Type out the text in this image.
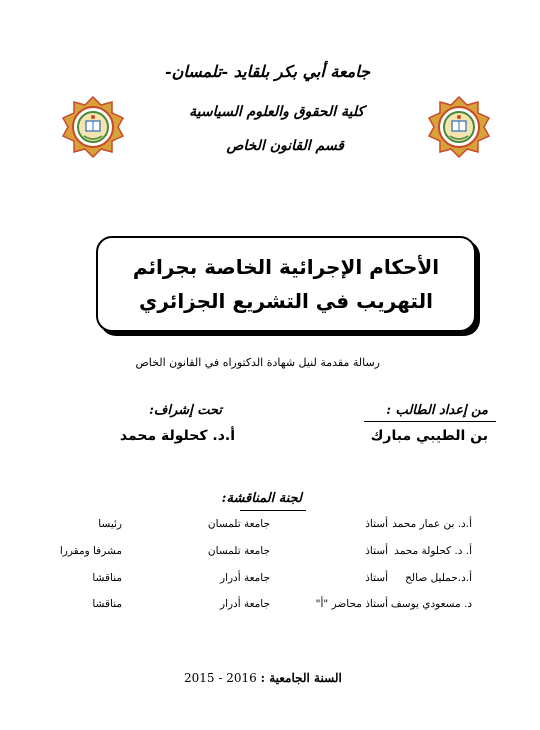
جامعة أبي بكر بلقايد -تلمسان-
كلية الحقوق والعلوم السياسية
قسم القانون الخاص
الأحكام الإجرائية الخاصة بجرائم
التهريب في التشريع الجزائري
رسالة مقدمة لنيل شهادة الدكتوراه في القانون الخاص
من إعداد الطالب :
بن الطيبي مبارك
تحت إشراف:
أ.د. كحلولة محمد
لجنة المناقشة:
أ.د. بن عمار محمد
أستاذ
جامعة تلمسان
رئيسا
أ. د. كحلولة محمد
أستاذ
جامعة تلمسان
مشرفا ومقررا
أ.د.حمليل صالح
أستاذ
جامعة أدرار
مناقشا
د. مسعودي يوسف
أستاذ محاضر "أ"
جامعة أدرار
مناقشا
السنة الجامعية : 2016 - 2015
